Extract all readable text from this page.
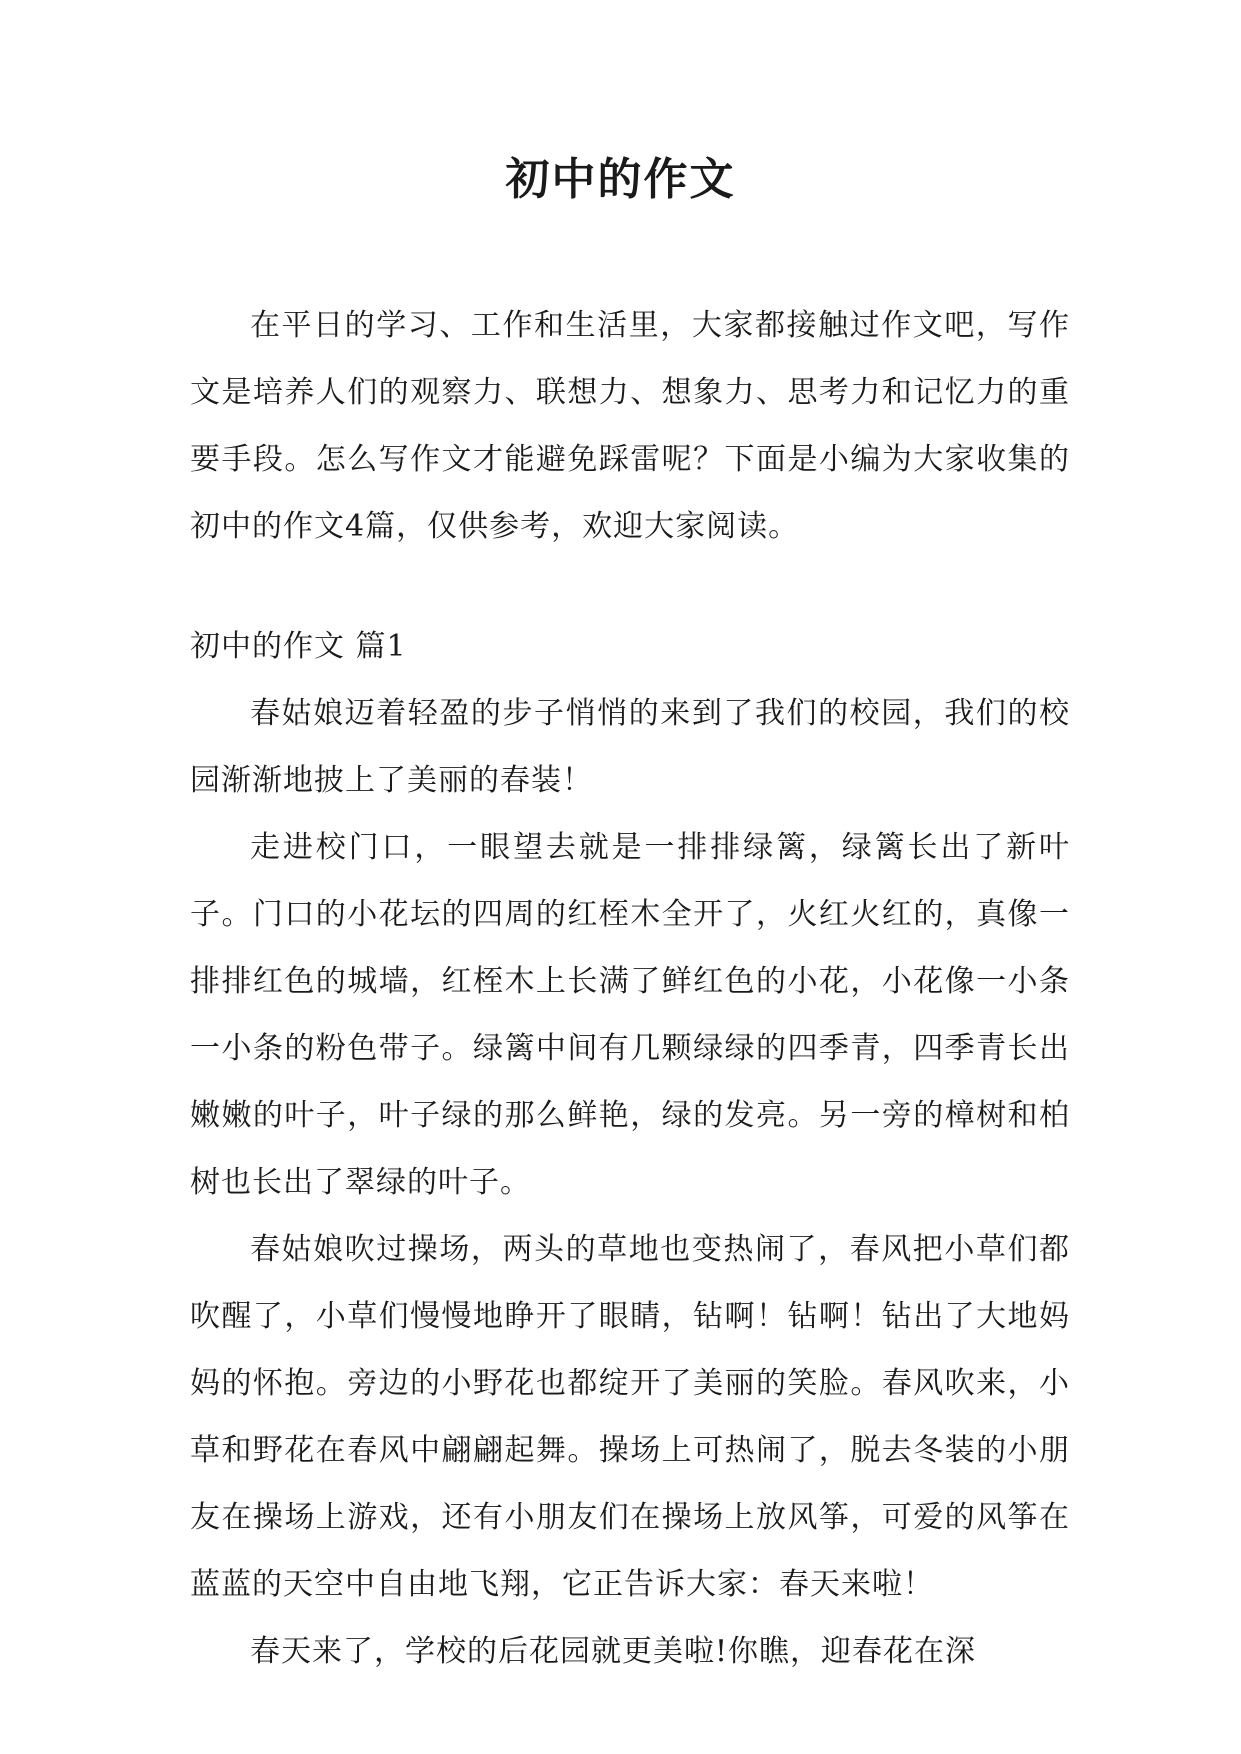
初中的作文

在平日的学习、工作和生活里，大家都接触过作文吧，写作文是培养人们的观察力、联想力、想象力、思考力和记忆力的重要手段。怎么写作文才能避免踩雷呢？下面是小编为大家收集的初中的作文4篇，仅供参考，欢迎大家阅读。

初中的作文 篇1

春姑娘迈着轻盈的步子悄悄的来到了我们的校园，我们的校园渐渐地披上了美丽的春装！

走进校门口，一眼望去就是一排排绿篱，绿篱长出了新叶子。门口的小花坛的四周的红桎木全开了，火红火红的，真像一排排红色的城墙，红桎木上长满了鲜红色的小花，小花像一小条一小条的粉色带子。绿篱中间有几颗绿绿的四季青，四季青长出嫩嫩的叶子，叶子绿的那么鲜艳，绿的发亮。另一旁的樟树和柏树也长出了翠绿的叶子。

春姑娘吹过操场，两头的草地也变热闹了，春风把小草们都吹醒了，小草们慢慢地睁开了眼睛，钻啊！钻啊！钻出了大地妈妈的怀抱。旁边的小野花也都绽开了美丽的笑脸。春风吹来，小草和野花在春风中翩翩起舞。操场上可热闹了，脱去冬装的小朋友在操场上游戏，还有小朋友们在操场上放风筝，可爱的风筝在蓝蓝的天空中自由地飞翔，它正告诉大家：春天来啦！

春天来了，学校的后花园就更美啦!你瞧，迎春花在深
